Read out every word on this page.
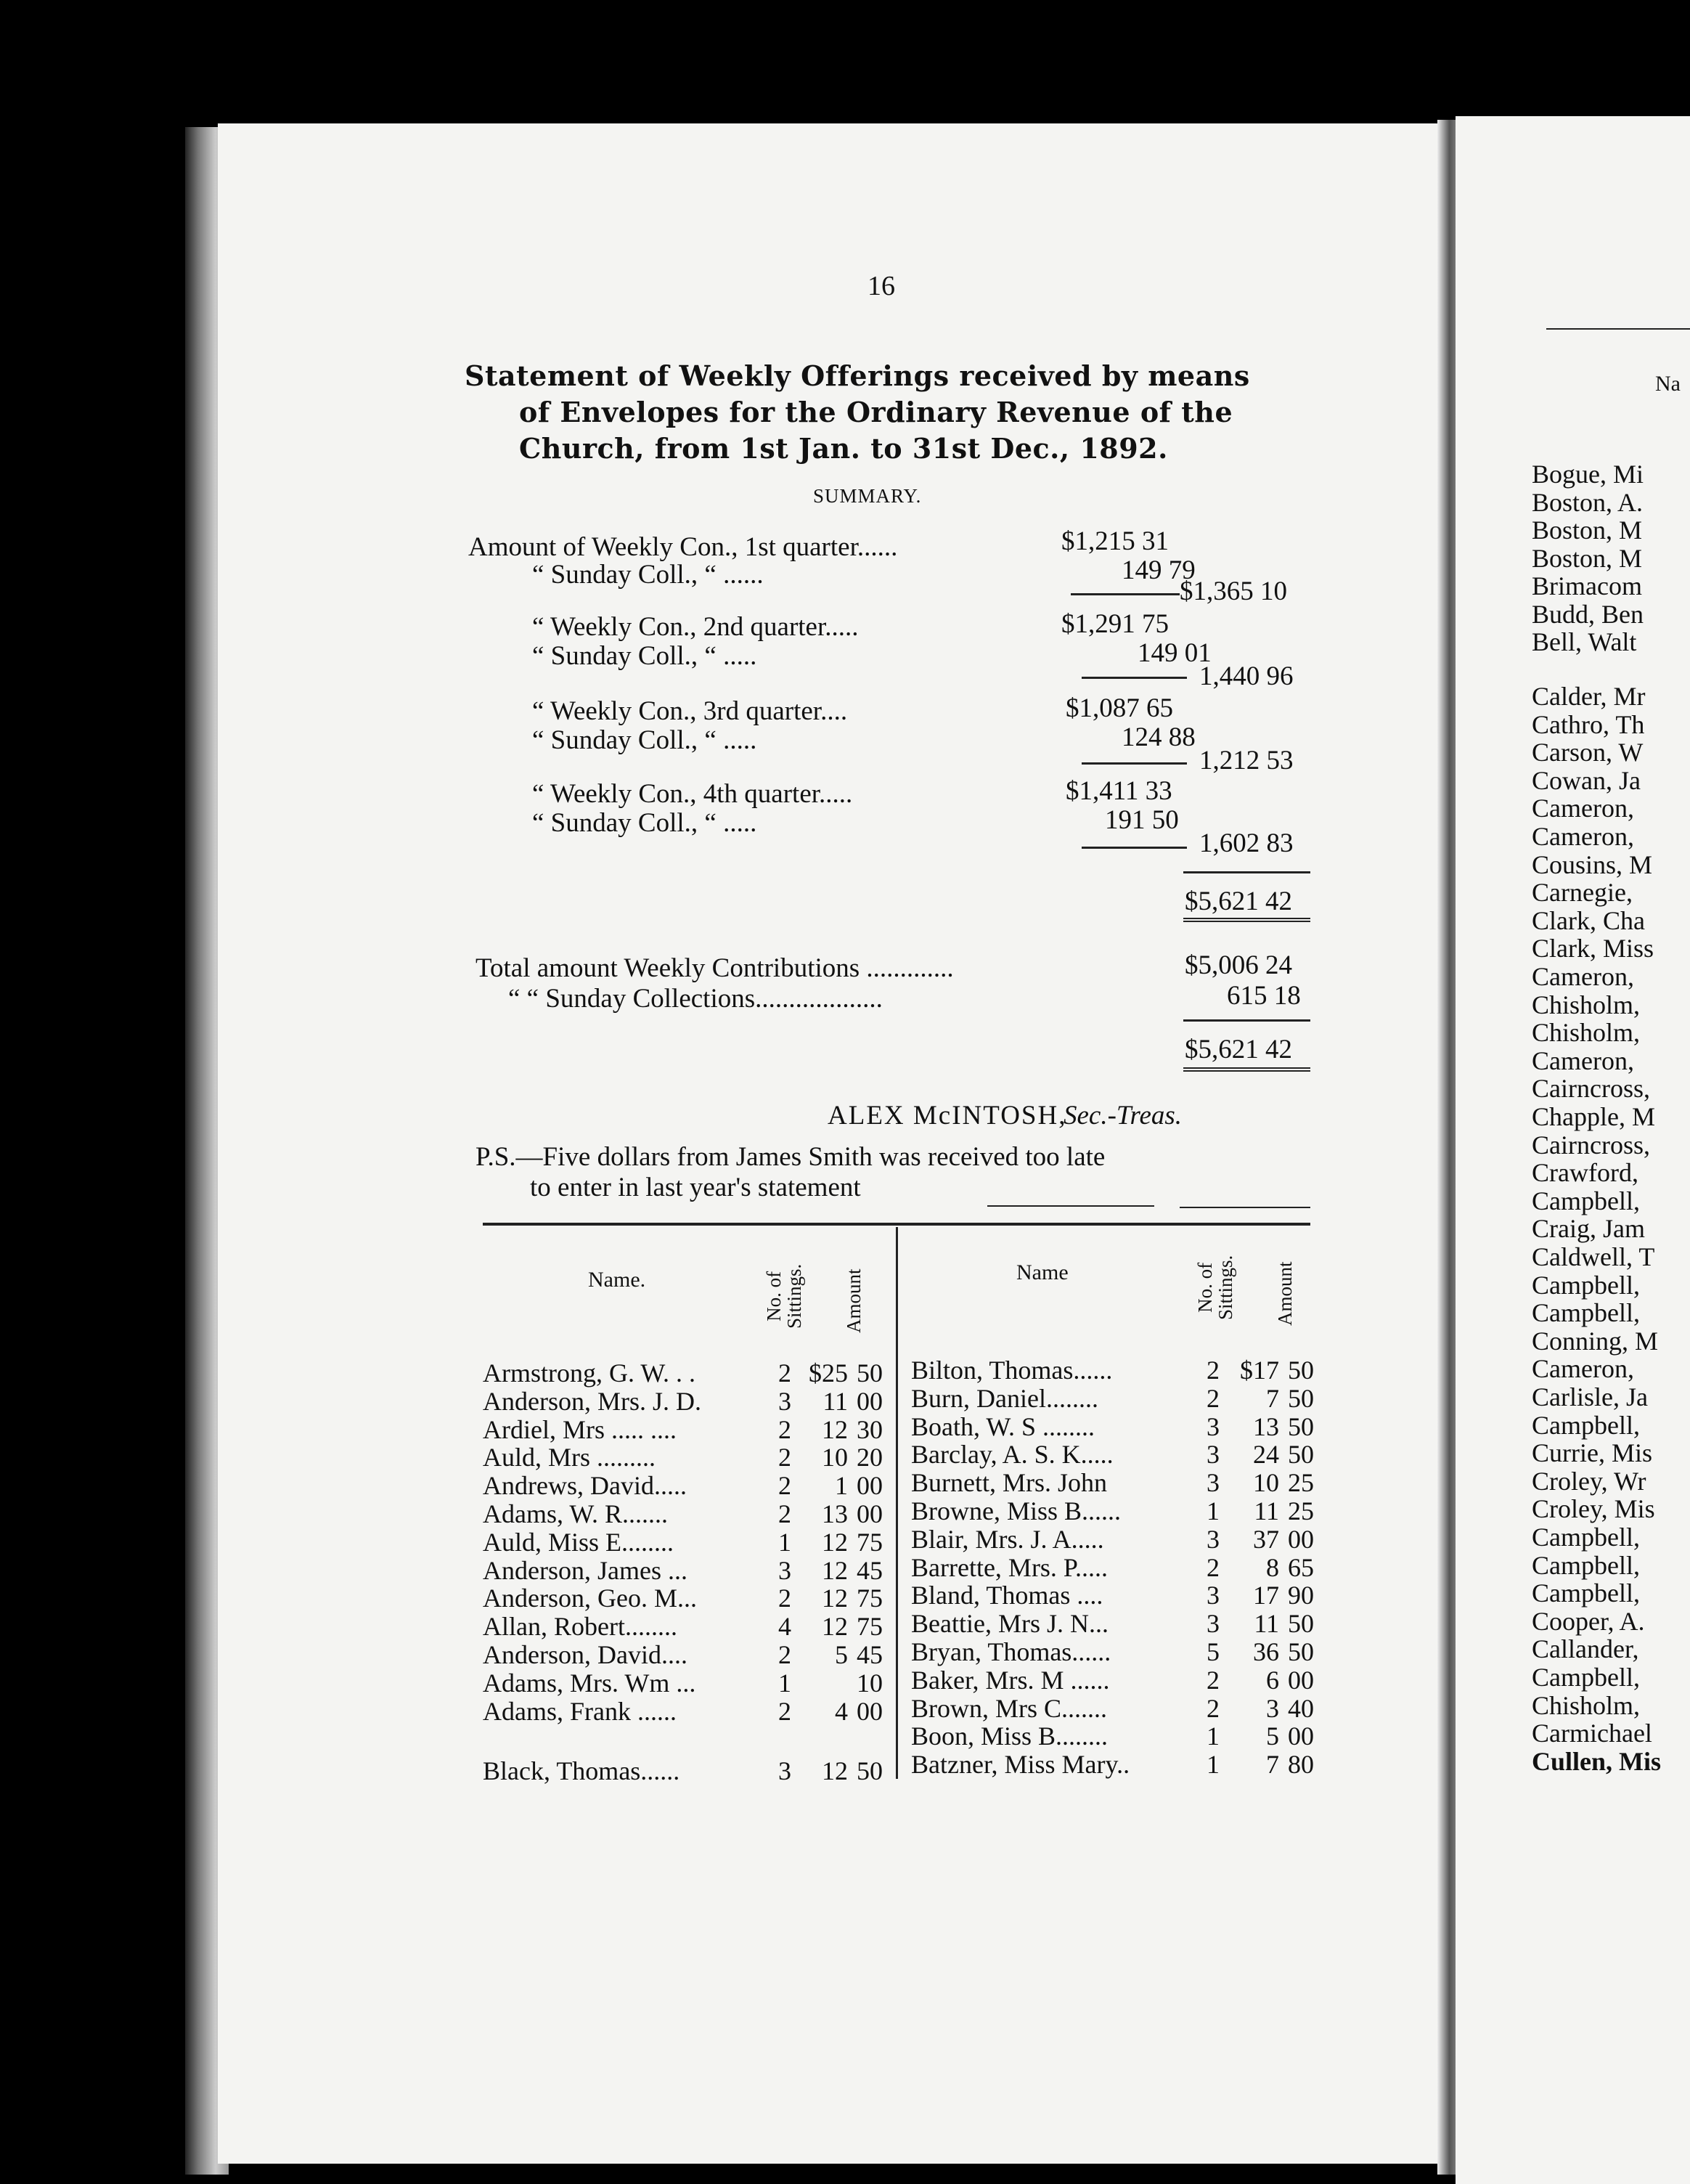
16
Statement of Weekly Offerings received by means
of Envelopes for the Ordinary Revenue of the
Church, from 1st Jan. to 31st Dec., 1892.
SUMMARY.
Amount of Weekly Con., 1st quarter......	$1,215 31
“ Sunday Coll., “ ......	149 79
$1,365 10
“ Weekly Con., 2nd quarter.....	$1,291 75
“ Sunday Coll., “ .....	149 01
1,440 96
“ Weekly Con., 3rd quarter....	$1,087 65
“ Sunday Coll., “ .....	124 88
1,212 53
“ Weekly Con., 4th quarter.....	$1,411 33
“ Sunday Coll., “ .....	191 50
1,602 83
$5,621 42
Total amount Weekly Contributions .............	$5,006 24
“ “ Sunday Collections...................	615 18
$5,621 42
ALEX McINTOSH,
Sec.-Treas.
P.S.—Five dollars from James Smith was received too late
to enter in last year's statement
Name.
No. of
Sittings. Amount	Name
No. of
Sittings. Amount
Armstrong, G. W. . .	2 $25 50
Anderson, Mrs. J. D.	3	11 00
Ardiel, Mrs ..... ....	2	12 30
Auld, Mrs .........	2	10 20
Andrews, David.....	2	1 00
Adams, W. R.......	2	13 00
Auld, Miss E........	1	12 75
Anderson, James ...	3	12 45
Anderson, Geo. M...	2	12 75
Allan, Robert........	4	12 75
Anderson, David....	2	5 45
Adams, Mrs. Wm ...	1	10
Adams, Frank ......	2	4 00
Black, Thomas......	3	12 50
Bilton, Thomas......	2 $17 50
Burn, Daniel........	2	7 50
Boath, W. S ........	3	13 50
Barclay, A. S. K.....	3	24 50
Burnett, Mrs. John	3	10 25
Browne, Miss B......	1	11 25
Blair, Mrs. J. A.....	3	37 00
Barrette, Mrs. P.....	2	8 65
Bland, Thomas ....	3	17 90
Beattie, Mrs J. N...	3	11 50
Bryan, Thomas......	5	36 50
Baker, Mrs. M ......	2	6 00
Brown, Mrs C.......	2	3 40
Boon, Miss B........	1	5 00
Batzner, Miss Mary..	1	7 80
Na
Bogue, Mi
Boston, A.
Boston, M
Boston, M
Brimacom
Budd, Ben
Bell, Walt
Calder, Mr
Cathro, Th
Carson, W
Cowan, Ja
Cameron,
Cameron,
Cousins, M
Carnegie,
Clark, Cha
Clark, Miss
Cameron,
Chisholm,
Chisholm,
Cameron,
Cairncross,
Chapple, M
Cairncross,
Crawford,
Campbell,
Craig, Jam
Caldwell, T
Campbell,
Campbell,
Conning, M
Cameron,
Carlisle, Ja
Campbell,
Currie, Mis
Croley, Wr
Croley, Mis
Campbell,
Campbell,
Campbell,
Cooper, A.
Callander,
Campbell,
Chisholm,
Carmichael
Cullen, Mis
